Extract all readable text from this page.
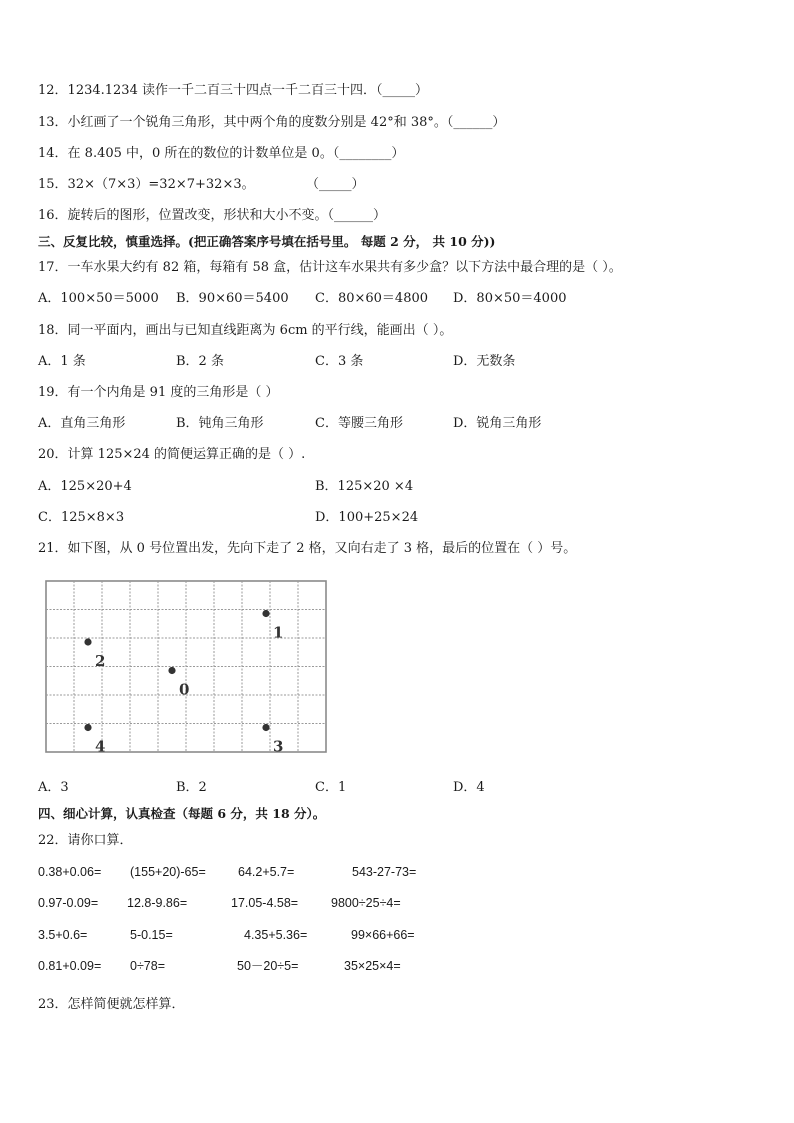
12．1234.1234 读作一千二百三十四点一千二百三十四．（_____）
13．小红画了一个锐角三角形，其中两个角的度数分别是 42°和 38°。（______）
14．在 8.405 中，0 所在的数位的计数单位是 0。（________）
15．32×（7×3）=32×7+32×3。	（_____）
16．旋转后的图形，位置改变，形状和大小不变。（______）
三、反复比较，慎重选择。(把正确答案序号填在括号里。 每题 2 分， 共 10 分))
17．一车水果大约有 82 箱，每箱有 58 盒，估计这车水果共有多少盒？以下方法中最合理的是（ ）。
A．100×50＝5000 B．90×60＝5400 C．80×60＝4800 D．80×50＝4000
18．同一平面内，画出与已知直线距离为 6cm 的平行线，能画出（ ）。
A．1 条	B．2 条	C．3 条	D．无数条
19．有一个内角是 91 度的三角形是（ ）
A．直角三角形	B．钝角三角形	C．等腰三角形	D．锐角三角形
20．计算 125×24 的简便运算正确的是（ ）.
A．125×20+4	B．125×20 ×4
C．125×8×3	D．100+25×24
21．如下图，从 0 号位置出发，先向下走了 2 格，又向右走了 3 格，最后的位置在（ ）号。
1
2
0
4	3
A．3	B．2	C．1	D．4
四、细心计算，认真检查（每题 6 分，共 18 分）。
22．请你口算．
0.38+0.06= (155+20)-65=	64.2+5.7=	543-27-73=
0.97-0.09= 12.8-9.86=	17.05-4.58=	9800÷25÷4=
3.5+0.6=	5-0.15=	4.35+5.36=	99×66+66=
0.81+0.09= 0÷78=	50－20÷5=	35×25×4=
23．怎样简便就怎样算．
